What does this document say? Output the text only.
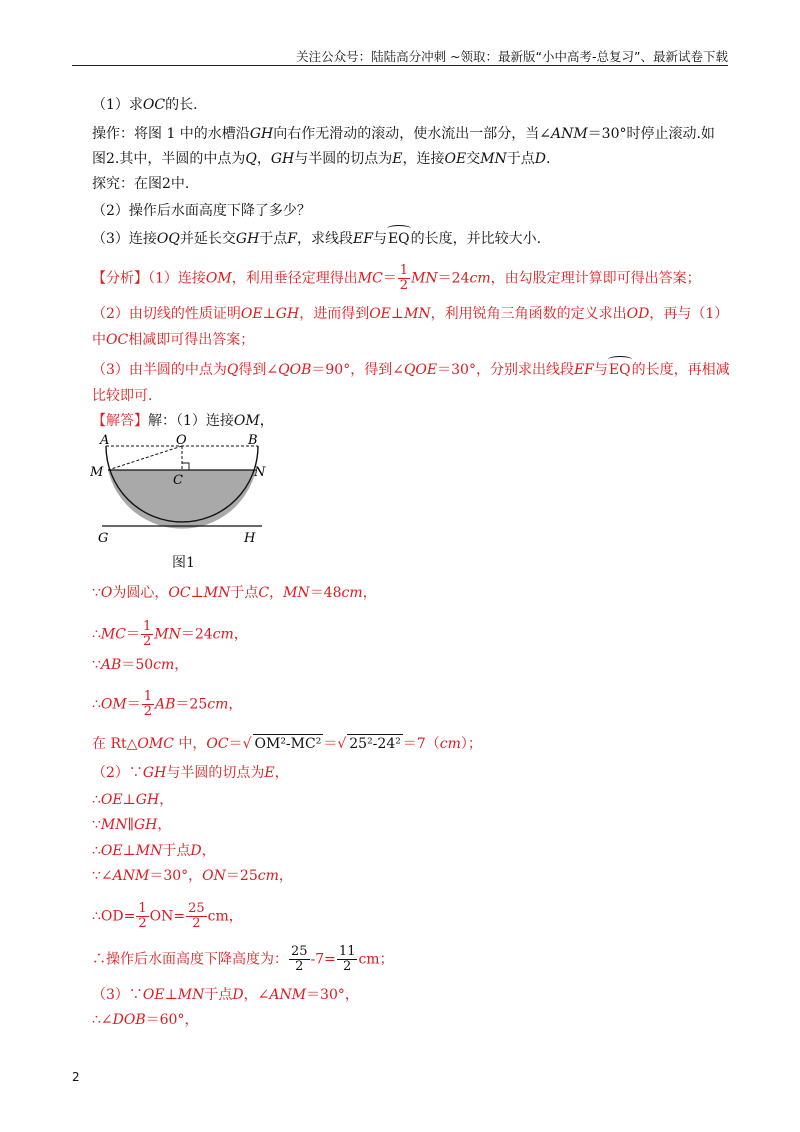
关注公众号：陆陆高分冲刺 ~领取：最新版“小中高考-总复习”、最新试卷下载
（1）求OC的长.
操作：将图 1 中的水槽沿GH向右作无滑动的滚动，使水流出一部分，当∠ANM＝30°时停止滚动.如
图2.其中，半圆的中点为Q，GH与半圆的切点为E，连接OE交MN于点D.
探究：在图2中.
（2）操作后水面高度下降了多少？
（3）连接OQ并延长交GH于点F，求线段EF与EQ的长度，并比较大小.
【分析】（1）连接OM，利用垂径定理得出$MC= \frac{1}{2} MN=24cm$，由勾股定理计算即可得出答案；
（2）由切线的性质证明OE⊥GH，进而得到OE⊥MN，利用锐角三角函数的定义求出OD，再与（1）
中OC相减即可得出答案；
（3）由半圆的中点为Q得到∠QOB＝90°，得到∠QOE＝30°，分别求出线段EF与EQ的长度，再相减
比较即可.
【解答】解：（1）连接OM，
A	O	B
M
C
N
G	H
图1
∵O为圆心，OC⊥MN于点C，MN＝48cm，
∴MC＝ $\frac{1}{2} MN=24cm$，
∵AB＝50cm，
∴OM＝ $\frac{1}{2} AB=25cm$，
在 Rt△OMC 中，OC＝√ OM²-MC² ＝√ 25²-24² ＝7（cm）；
（2）∵GH与半圆的切点为E，
∴OE⊥GH，
∵MN∥GH，
∴OE⊥MN于点D，
∵∠ANM＝30°，ON＝25cm，
∴OD= $\frac{1}{2} ON= \frac{25}{2}$ cm，
∴操作后水面高度下降高度为： $\frac{25}{2} -7= \frac{11}{2}$ cm；
（3）∵OE⊥MN于点D，∠ANM＝30°，
∴∠DOB＝60°，
2
